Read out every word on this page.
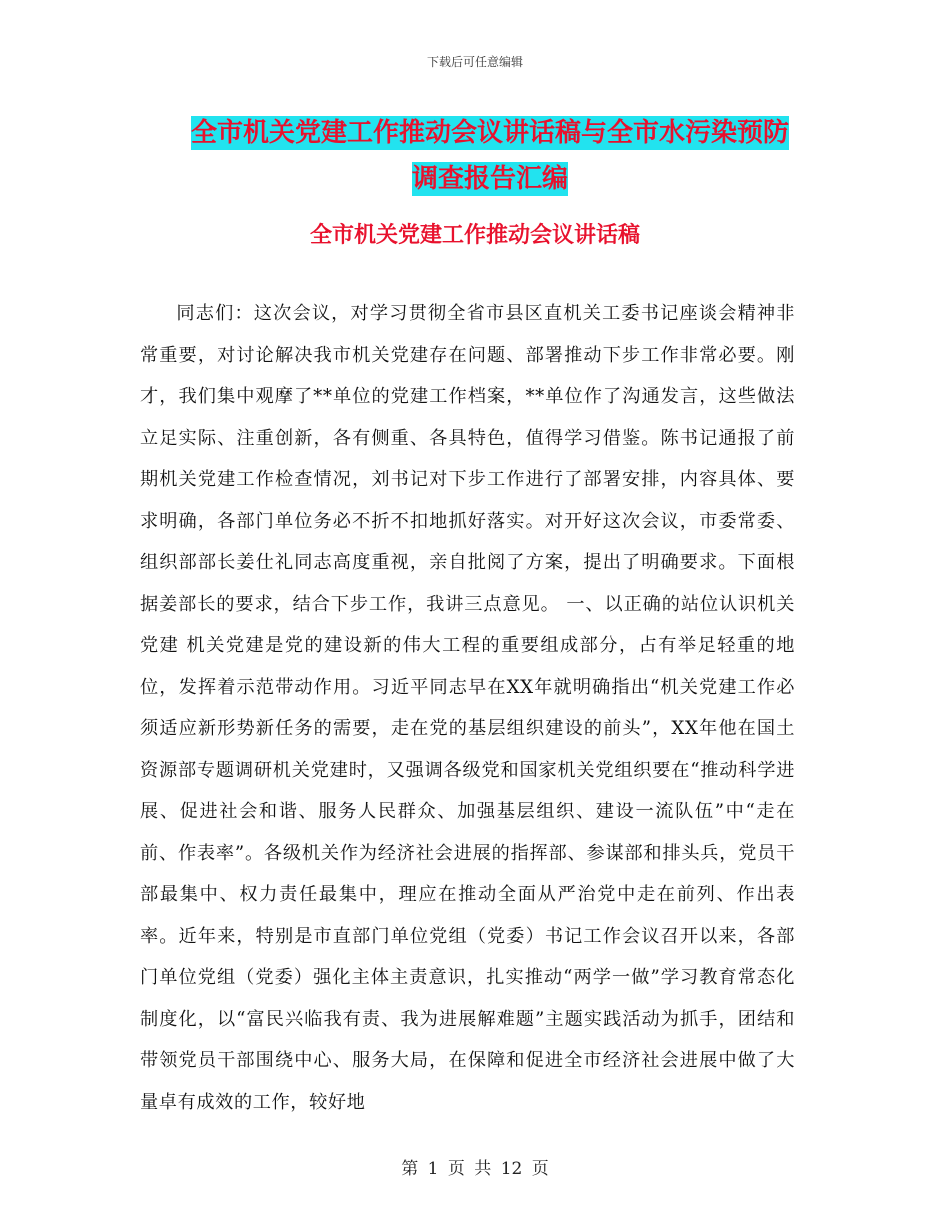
下载后可任意编辑
全市机关党建工作推动会议讲话稿与全市水污染预防
调查报告汇编
全市机关党建工作推动会议讲话稿

同志们：这次会议，对学习贯彻全省市县区直机关工委书记座谈会精神非常重要，对讨论解决我市机关党建存在问题、部署推动下步工作非常必要。刚才，我们集中观摩了**单位的党建工作档案，**单位作了沟通发言，这些做法立足实际、注重创新，各有侧重、各具特色，值得学习借鉴。陈书记通报了前期机关党建工作检查情况，刘书记对下步工作进行了部署安排，内容具体、要求明确，各部门单位务必不折不扣地抓好落实。对开好这次会议，市委常委、组织部部长姜仕礼同志高度重视，亲自批阅了方案，提出了明确要求。下面根据姜部长的要求，结合下步工作，我讲三点意见。 一、以正确的站位认识机关党建 机关党建是党的建设新的伟大工程的重要组成部分，占有举足轻重的地位，发挥着示范带动作用。习近平同志早在XX年就明确指出“机关党建工作必须适应新形势新任务的需要，走在党的基层组织建设的前头”，XX年他在国土资源部专题调研机关党建时，又强调各级党和国家机关党组织要在“推动科学进展、促进社会和谐、服务人民群众、加强基层组织、建设一流队伍”中“走在前、作表率”。各级机关作为经济社会进展的指挥部、参谋部和排头兵，党员干部最集中、权力责任最集中，理应在推动全面从严治党中走在前列、作出表率。近年来，特别是市直部门单位党组（党委）书记工作会议召开以来，各部门单位党组（党委）强化主体主责意识，扎实推动“两学一做”学习教育常态化制度化，以“富民兴临我有责、我为进展解难题”主题实践活动为抓手，团结和带领党员干部围绕中心、服务大局，在保障和促进全市经济社会进展中做了大量卓有成效的工作，较好地

第 1 页 共 12 页
